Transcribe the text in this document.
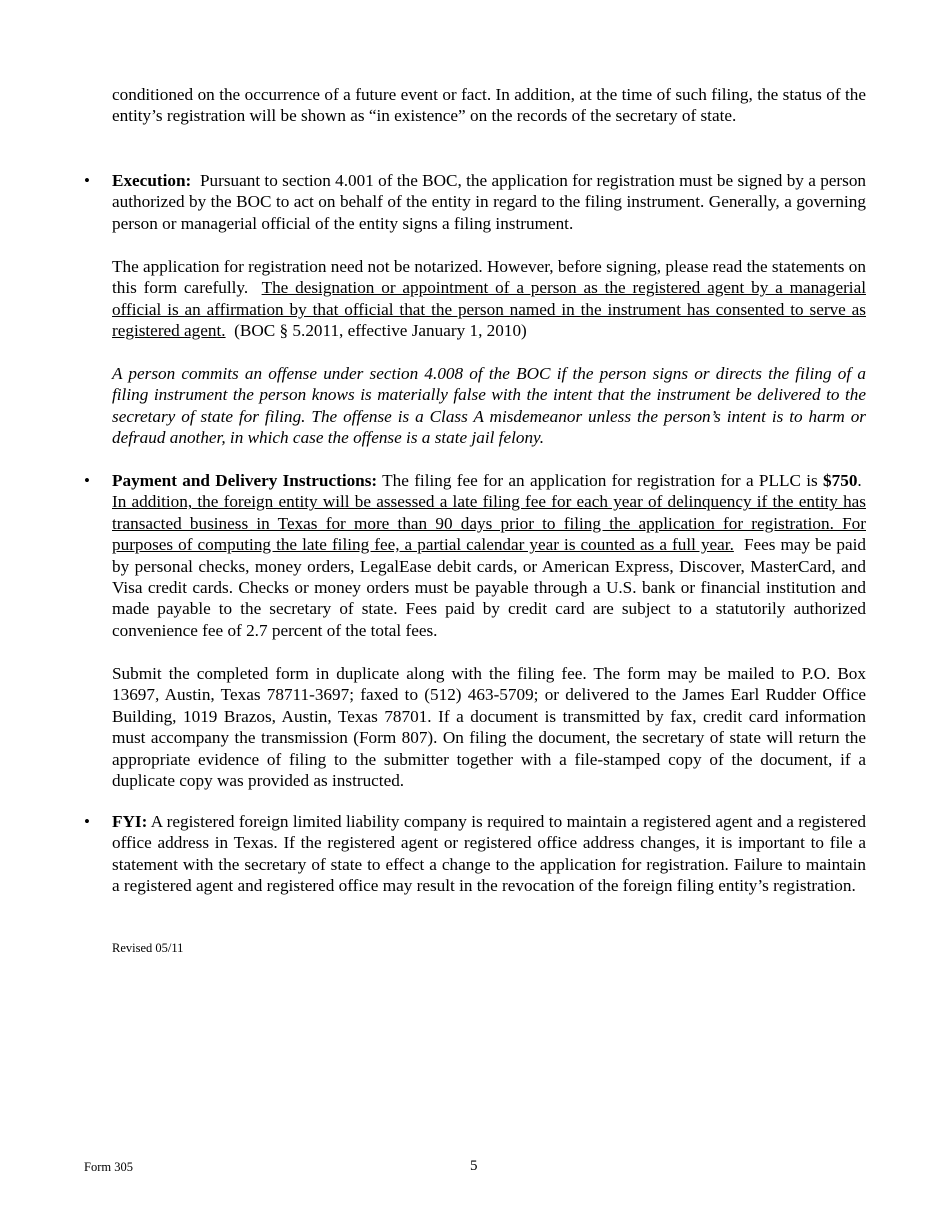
conditioned on the occurrence of a future event or fact. In addition, at the time of such filing, the status of the entity’s registration will be shown as “in existence” on the records of the secretary of state.

• Execution: Pursuant to section 4.001 of the BOC, the application for registration must be signed by a person authorized by the BOC to act on behalf of the entity in regard to the filing instrument. Generally, a governing person or managerial official of the entity signs a filing instrument.

The application for registration need not be notarized. However, before signing, please read the statements on this form carefully. The designation or appointment of a person as the registered agent by a managerial official is an affirmation by that official that the person named in the instrument has consented to serve as registered agent. (BOC § 5.2011, effective January 1, 2010)

A person commits an offense under section 4.008 of the BOC if the person signs or directs the filing of a filing instrument the person knows is materially false with the intent that the instrument be delivered to the secretary of state for filing. The offense is a Class A misdemeanor unless the person’s intent is to harm or defraud another, in which case the offense is a state jail felony.

• Payment and Delivery Instructions: The filing fee for an application for registration for a PLLC is $750.  In addition, the foreign entity will be assessed a late filing fee for each year of delinquency if the entity has transacted business in Texas for more than 90 days prior to filing the application for registration. For purposes of computing the late filing fee, a partial calendar year is counted as a full year. Fees may be paid by personal checks, money orders, LegalEase debit cards, or American Express, Discover, MasterCard, and Visa credit cards. Checks or money orders must be payable through a U.S. bank or financial institution and made payable to the secretary of state. Fees paid by credit card are subject to a statutorily authorized convenience fee of 2.7 percent of the total fees.

Submit the completed form in duplicate along with the filing fee. The form may be mailed to P.O. Box 13697, Austin, Texas 78711-3697; faxed to (512) 463-5709; or delivered to the James Earl Rudder Office Building, 1019 Brazos, Austin, Texas 78701. If a document is transmitted by fax, credit card information must accompany the transmission (Form 807). On filing the document, the secretary of state will return the appropriate evidence of filing to the submitter together with a file-stamped copy of the document, if a duplicate copy was provided as instructed.

• FYI: A registered foreign limited liability company is required to maintain a registered agent and a registered office address in Texas. If the registered agent or registered office address changes, it is important to file a statement with the secretary of state to effect a change to the application for registration. Failure to maintain a registered agent and registered office may result in the revocation of the foreign filing entity’s registration.

Revised 05/11
Form 305	5
